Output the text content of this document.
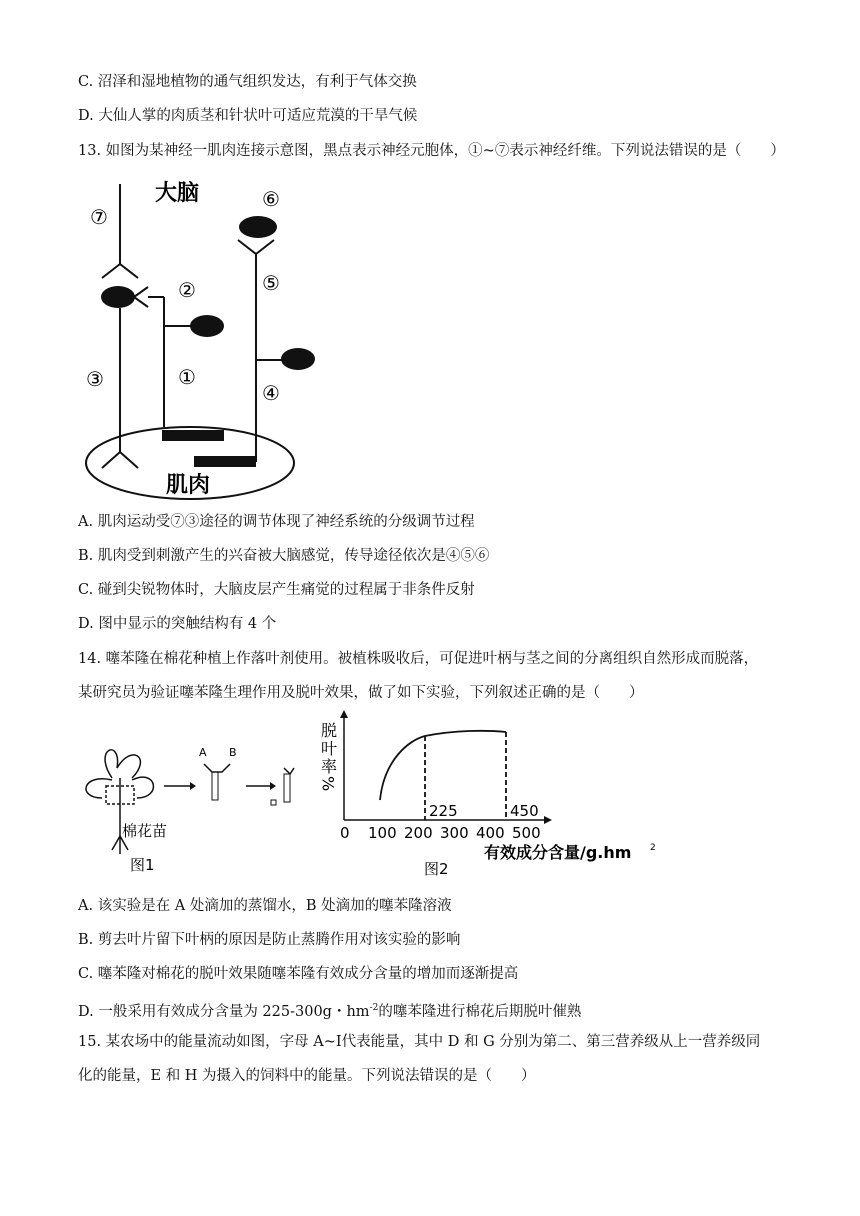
C. 沼泽和湿地植物的通气组织发达，有利于气体交换
D. 大仙人掌的肉质茎和针状叶可适应荒漠的干旱气候
13. 如图为某神经一肌肉连接示意图，黑点表示神经元胞体，①~⑦表示神经纤维。下列说法错误的是（　　）
大脑
⑦
③
②
①
⑥
⑤
④
肌肉
A. 肌肉运动受⑦③途径的调节体现了神经系统的分级调节过程
B. 肌肉受到刺激产生的兴奋被大脑感觉，传导途径依次是④⑤⑥
C. 碰到尖锐物体时，大脑皮层产生痛觉的过程属于非条件反射
D. 图中显示的突触结构有 4 个
14. 噻苯隆在棉花种植上作落叶剂使用。被植株吸收后，可促进叶柄与茎之间的分离组织自然形成而脱落，
某研究员为验证噻苯隆生理作用及脱叶效果，做了如下实验，下列叙述正确的是（　　）
棉花苗
A B
图1
脱叶率%
225	450
0 100 200 300 400 500
有效成分含量/g.hm 2
图2
A. 该实验是在 A 处滴加的蒸馏水，B 处滴加的噻苯隆溶液
B. 剪去叶片留下叶柄的原因是防止蒸腾作用对该实验的影响
C. 噻苯隆对棉花的脱叶效果随噻苯隆有效成分含量的增加而逐渐提高
D. 一般采用有效成分含量为 225-300g・$hm^{-2}$的噻苯隆进行棉花后期脱叶催熟
15. 某农场中的能量流动如图，字母 A~Ⅰ代表能量，其中 D 和 G 分别为第二、第三营养级从上一营养级同
化的能量，E 和 H 为摄入的饲料中的能量。下列说法错误的是（　　）
